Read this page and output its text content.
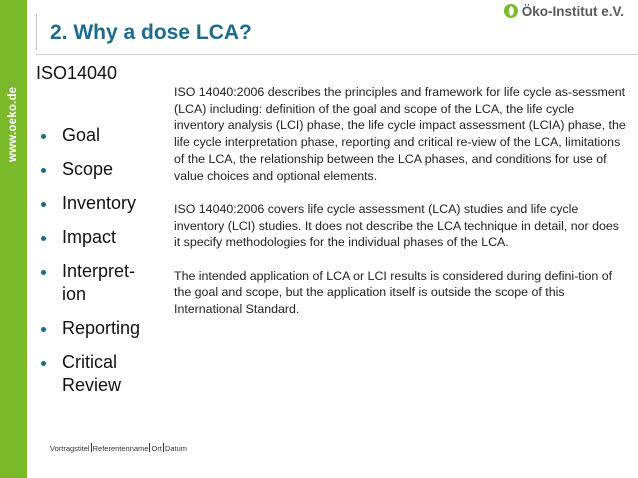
www.oeko.de
2. Why a dose LCA?
Öko-Institut e.V.
ISO14040
Goal
Scope
Inventory
Impact
Interpret-ion
Reporting
Critical Review

ISO 14040:2006 describes the principles and framework for life cycle as-sessment (LCA) including: definition of the goal and scope of the LCA, the life cycle inventory analysis (LCI) phase, the life cycle impact assessment (LCIA) phase, the life cycle interpretation phase, reporting and critical re-view of the LCA, limitations of the LCA, the relationship between the LCA phases, and conditions for use of value choices and optional elements.

ISO 14040:2006 covers life cycle assessment (LCA) studies and life cycle inventory (LCI) studies. It does not describe the LCA technique in detail, nor does it specify methodologies for the individual phases of the LCA.

The intended application of LCA or LCI results is considered during defini-tion of the goal and scope, but the application itself is outside the scope of this International Standard.

Vortragstitel Referentenname Ort Datum
